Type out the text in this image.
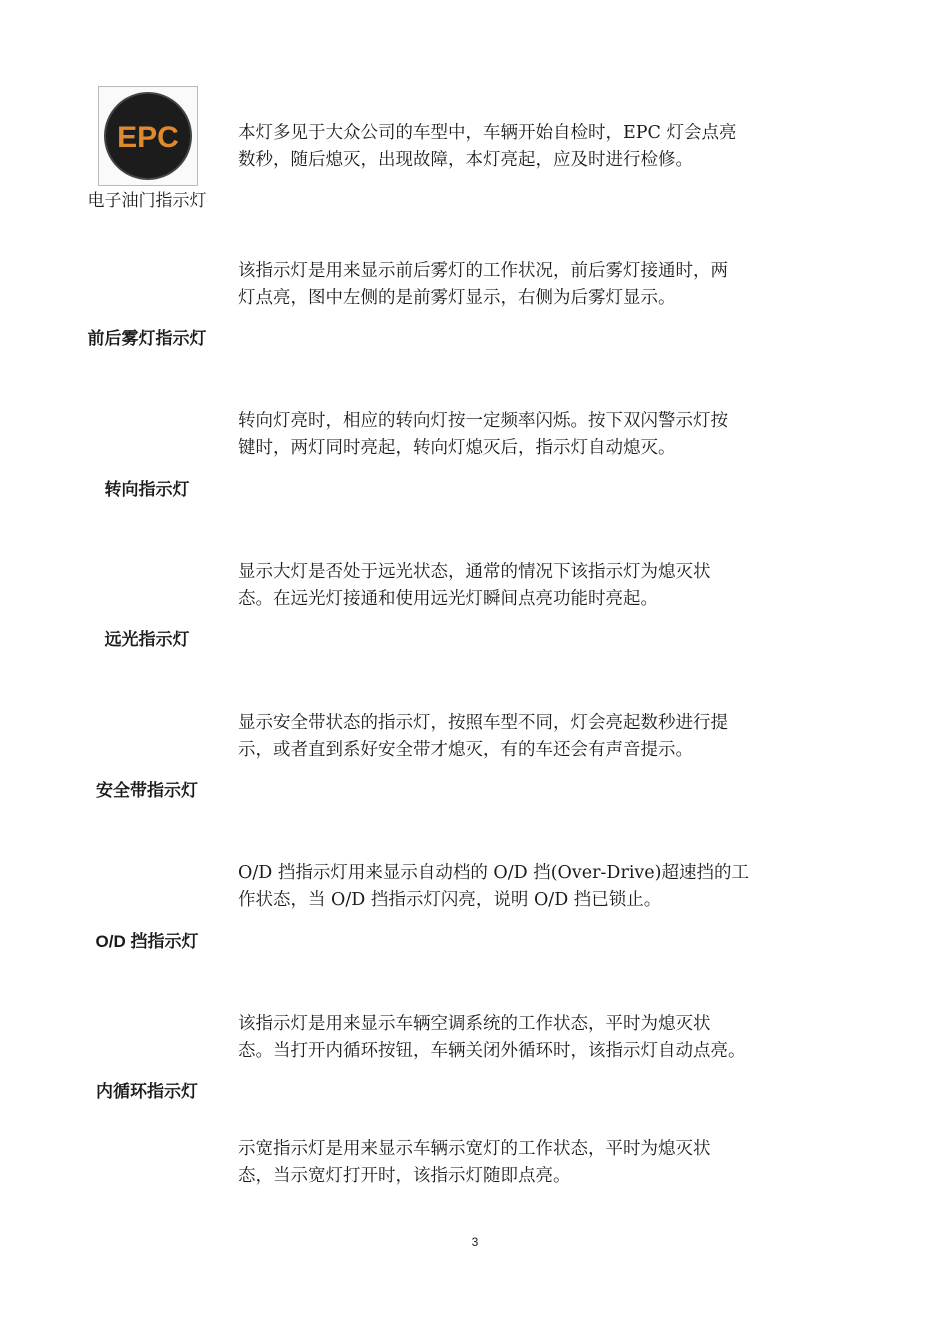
EPC	本灯多见于大众公司的车型中，车辆开始自检时，EPC 灯会点亮
数秒，随后熄灭，出现故障，本灯亮起，应及时进行检修。
电子油门指示灯
该指示灯是用来显示前后雾灯的工作状况，前后雾灯接通时，两
灯点亮，图中左侧的是前雾灯显示，右侧为后雾灯显示。
前后雾灯指示灯
转向灯亮时，相应的转向灯按一定频率闪烁。按下双闪警示灯按
键时，两灯同时亮起，转向灯熄灭后，指示灯自动熄灭。
转向指示灯
显示大灯是否处于远光状态，通常的情况下该指示灯为熄灭状
态。在远光灯接通和使用远光灯瞬间点亮功能时亮起。
远光指示灯
显示安全带状态的指示灯，按照车型不同，灯会亮起数秒进行提
示，或者直到系好安全带才熄灭，有的车还会有声音提示。
安全带指示灯
O/D 挡指示灯用来显示自动档的 O/D 挡(Over-Drive)超速挡的工
作状态，当 O/D 挡指示灯闪亮，说明 O/D 挡已锁止。
O/D 挡指示灯
该指示灯是用来显示车辆空调系统的工作状态，平时为熄灭状
态。当打开内循环按钮，车辆关闭外循环时，该指示灯自动点亮。
内循环指示灯
示宽指示灯是用来显示车辆示宽灯的工作状态，平时为熄灭状
态，当示宽灯打开时，该指示灯随即点亮。
3
